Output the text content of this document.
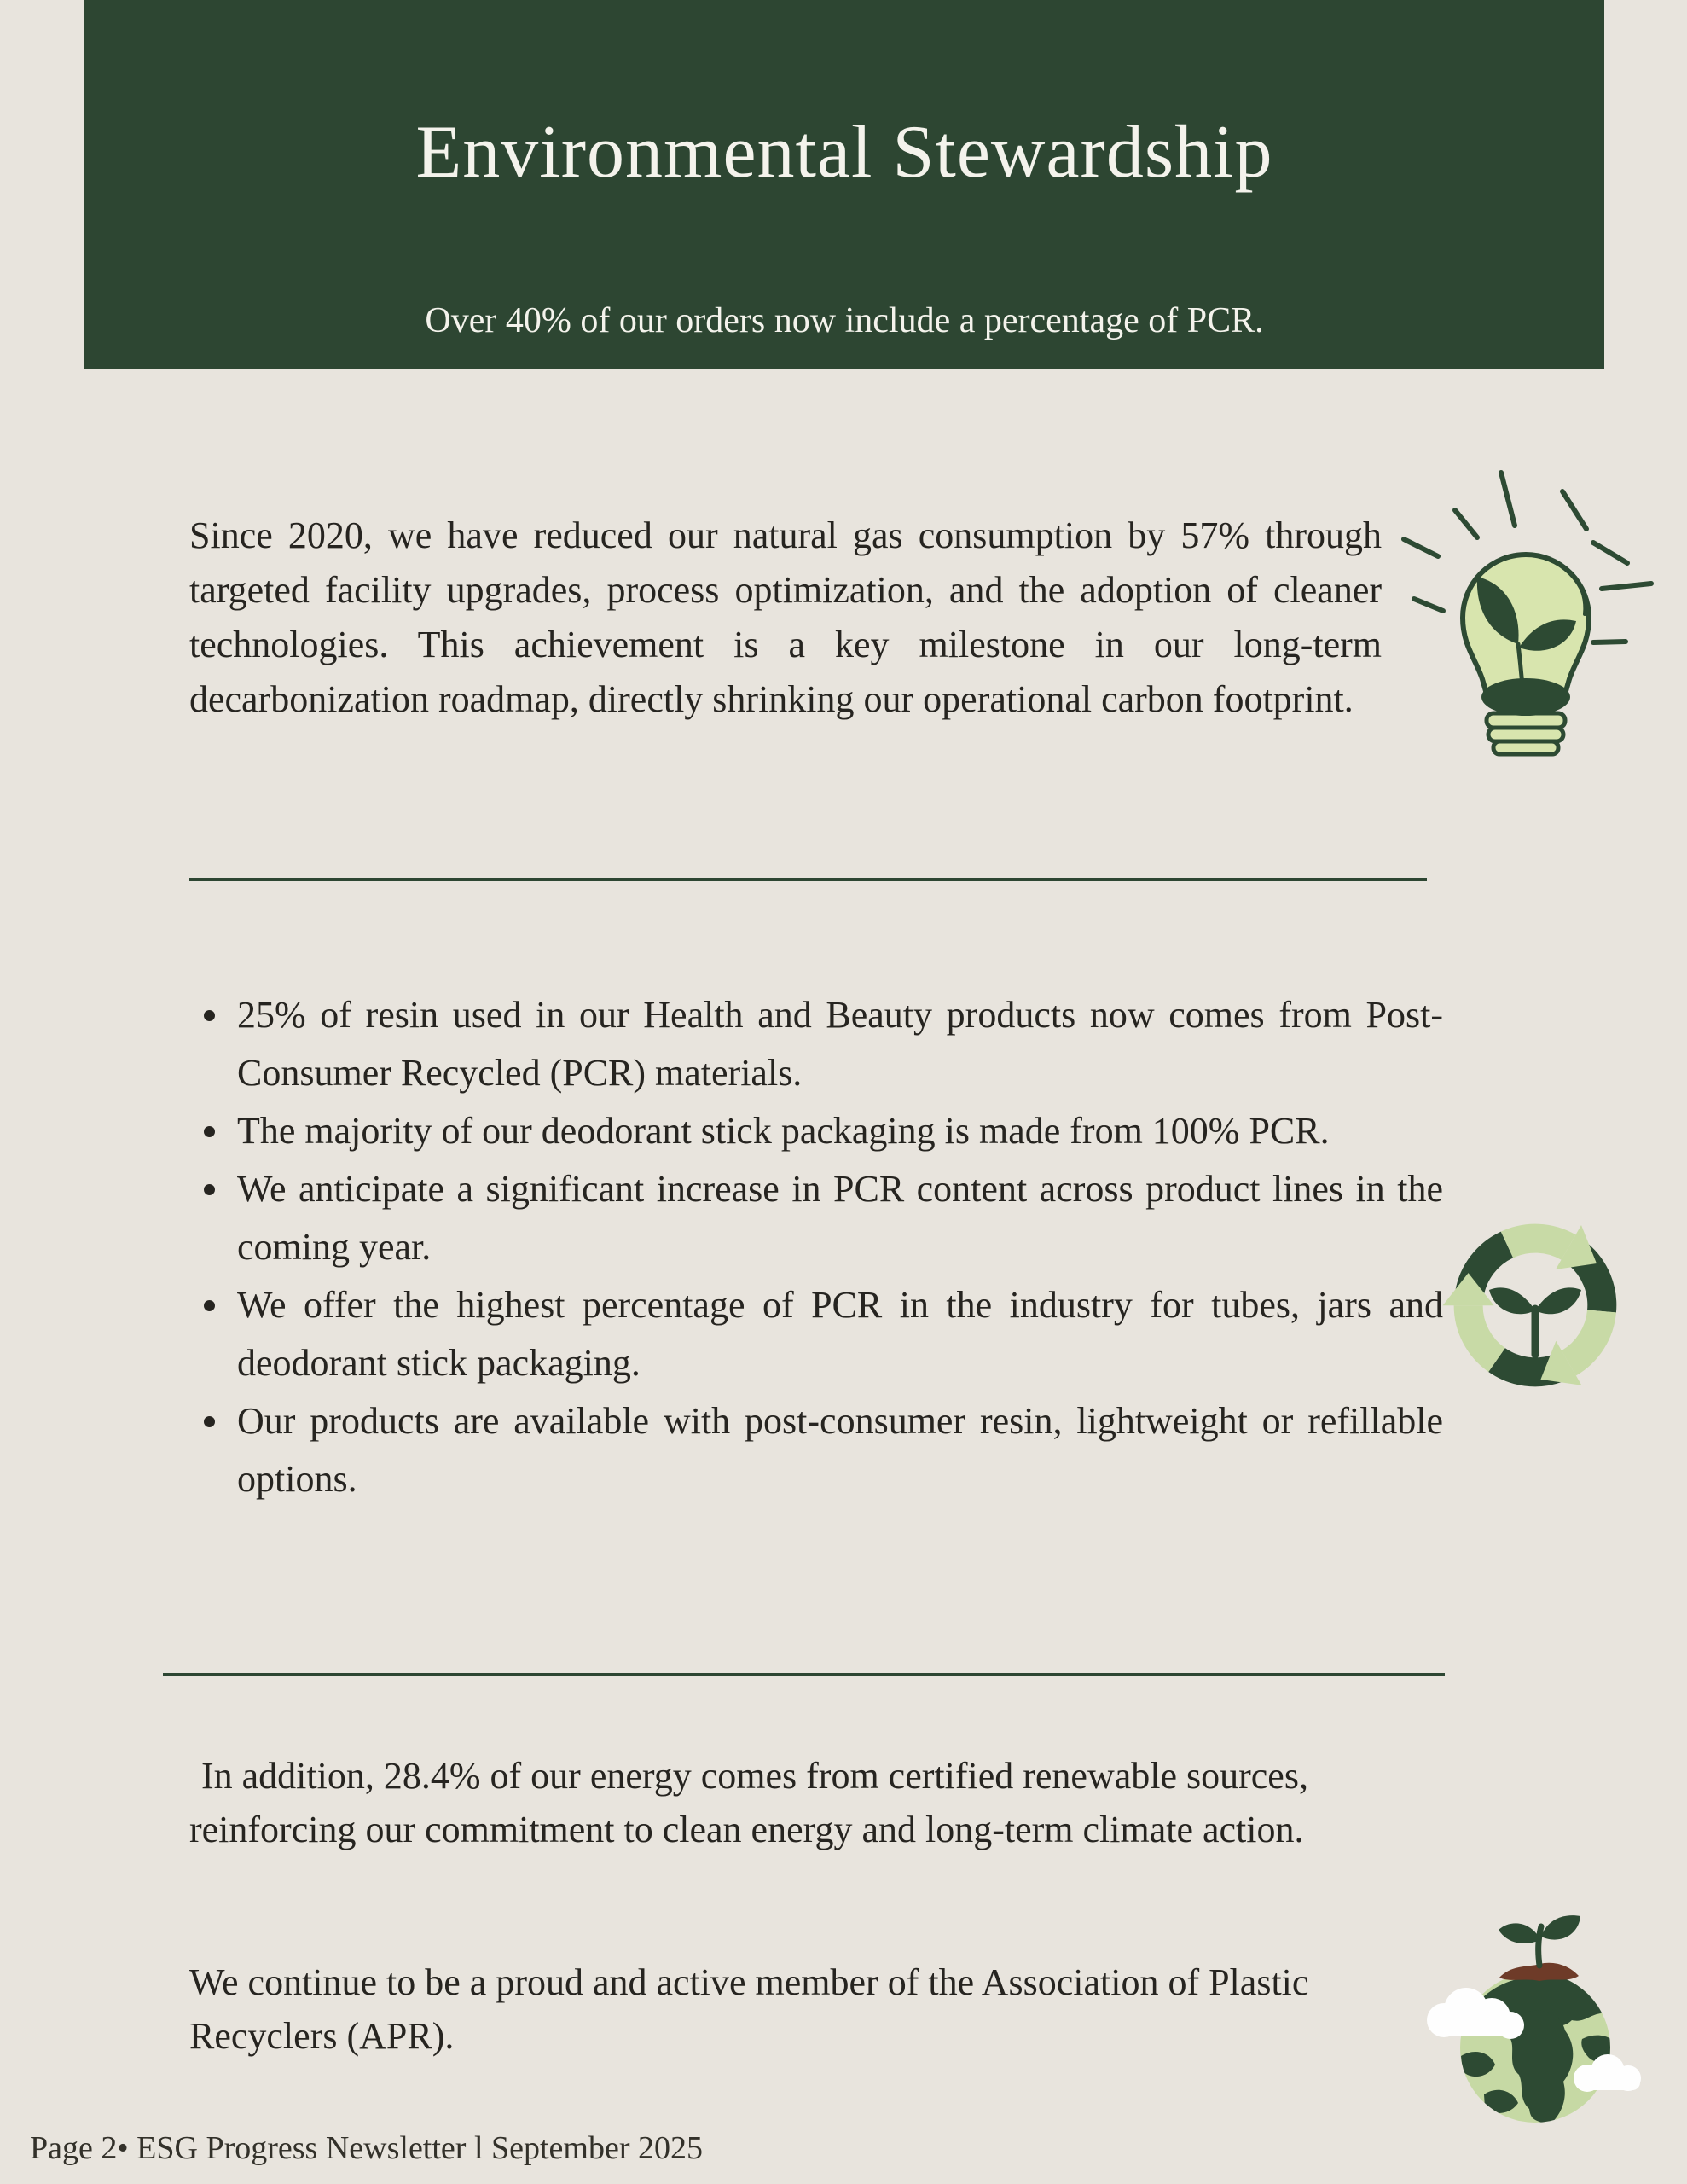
Environmental Stewardship

Over 40% of our orders now include a percentage of PCR.

Since 2020, we have reduced our natural gas consumption by 57% through targeted facility upgrades, process optimization, and the adoption of cleaner technologies. This achievement is a key milestone in our long-term decarbonization roadmap, directly shrinking our operational carbon footprint.

• 25% of resin used in our Health and Beauty products now comes from Post-Consumer Recycled (PCR) materials.
• The majority of our deodorant stick packaging is made from 100% PCR.
• We anticipate a significant increase in PCR content across product lines in the coming year.
• We offer the highest percentage of PCR in the industry for tubes, jars and deodorant stick packaging.
• Our products are available with post-consumer resin, lightweight or refillable options.

In addition, 28.4% of our energy comes from certified renewable sources, reinforcing our commitment to clean energy and long-term climate action.

We continue to be a proud and active member of the Association of Plastic Recyclers (APR).

Page 2• ESG Progress Newsletter l September 2025
